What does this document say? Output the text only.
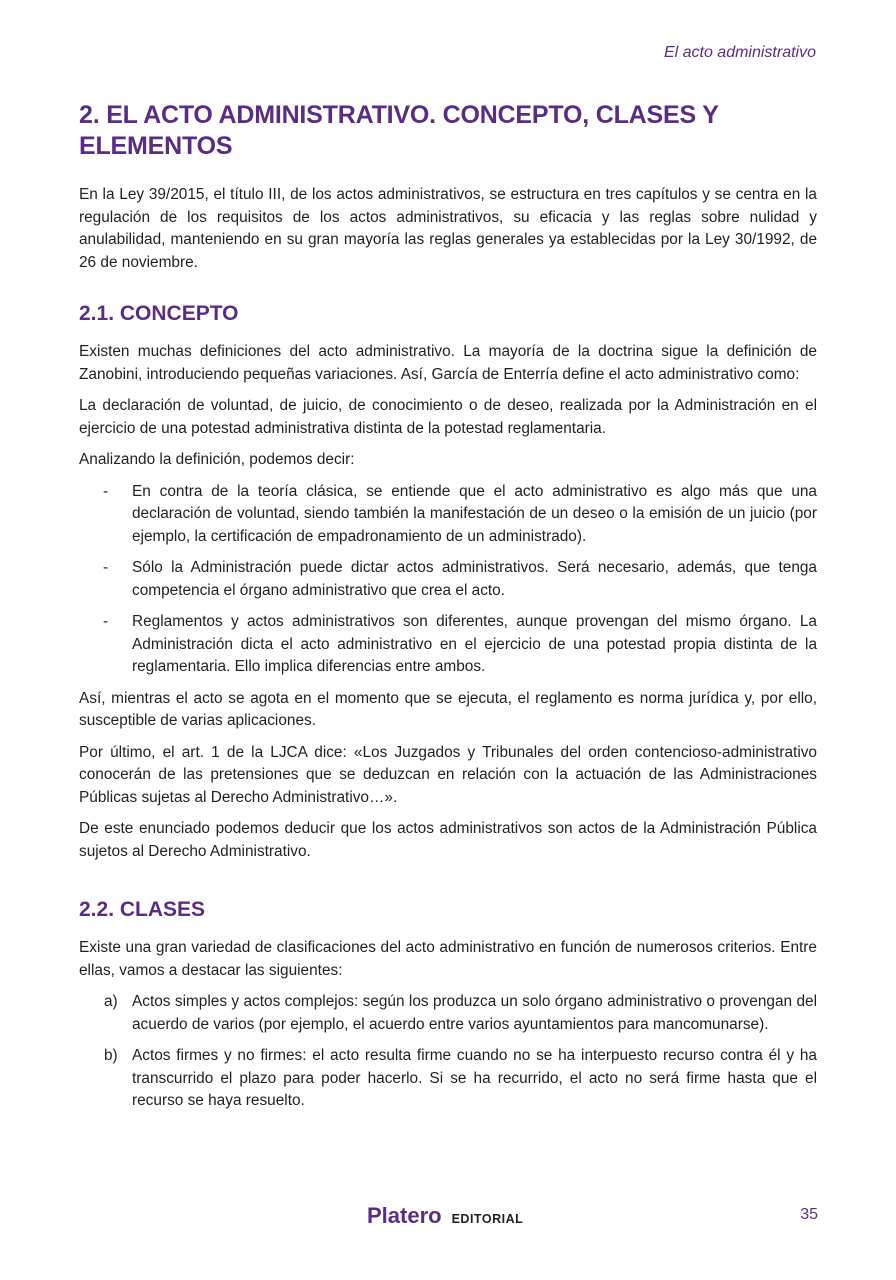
El acto administrativo
2. EL ACTO ADMINISTRATIVO. CONCEPTO, CLASES Y ELEMENTOS

En la Ley 39/2015, el título III, de los actos administrativos, se estructura en tres capítulos y se centra en la regulación de los requisitos de los actos administrativos, su eficacia y las reglas sobre nulidad y anulabilidad, manteniendo en su gran mayoría las reglas generales ya establecidas por la Ley 30/1992, de 26 de noviembre.

2.1. CONCEPTO

Existen muchas definiciones del acto administrativo. La mayoría de la doctrina sigue la definición de Zanobini, introduciendo pequeñas variaciones. Así, García de Enterría define el acto administrativo como:

La declaración de voluntad, de juicio, de conocimiento o de deseo, realizada por la Administración en el ejercicio de una potestad administrativa distinta de la potestad reglamentaria.

Analizando la definición, podemos decir:

- En contra de la teoría clásica, se entiende que el acto administrativo es algo más que una declaración de voluntad, siendo también la manifestación de un deseo o la emisión de un juicio (por ejemplo, la certificación de empadronamiento de un administrado).
- Sólo la Administración puede dictar actos administrativos. Será necesario, además, que tenga competencia el órgano administrativo que crea el acto.
- Reglamentos y actos administrativos son diferentes, aunque provengan del mismo órgano. La Administración dicta el acto administrativo en el ejercicio de una potestad propia distinta de la reglamentaria. Ello implica diferencias entre ambos.

Así, mientras el acto se agota en el momento que se ejecuta, el reglamento es norma jurídica y, por ello, susceptible de varias aplicaciones.

Por último, el art. 1 de la LJCA dice: «Los Juzgados y Tribunales del orden contencioso-administrativo conocerán de las pretensiones que se deduzcan en relación con la actuación de las Administraciones Públicas sujetas al Derecho Administrativo…».

De este enunciado podemos deducir que los actos administrativos son actos de la Administración Pública sujetos al Derecho Administrativo.

2.2. CLASES

Existe una gran variedad de clasificaciones del acto administrativo en función de numerosos criterios. Entre ellas, vamos a destacar las siguientes:

a) Actos simples y actos complejos: según los produzca un solo órgano administrativo o provengan del acuerdo de varios (por ejemplo, el acuerdo entre varios ayuntamientos para mancomunarse).
b) Actos firmes y no firmes: el acto resulta firme cuando no se ha interpuesto recurso contra él y ha transcurrido el plazo para poder hacerlo. Si se ha recurrido, el acto no será firme hasta que el recurso se haya resuelto.
Platero EDITORIAL	35
